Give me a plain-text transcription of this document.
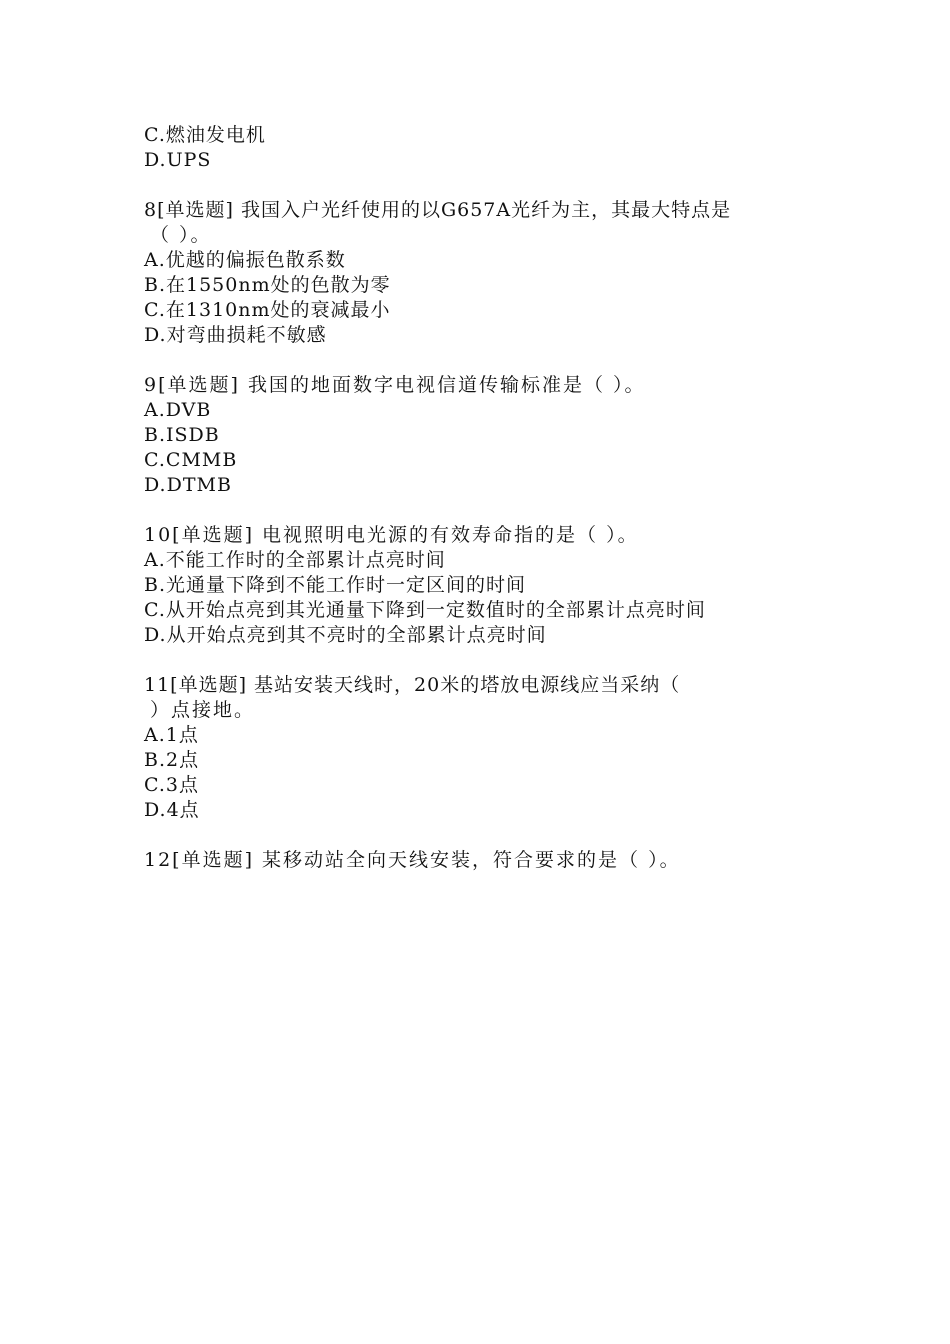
C.燃油发电机
D.UPS
8[单选题] 我国入户光纤使用的以G657A光纤为主，其最大特点是
（ ）。
A.优越的偏振色散系数
B.在1550nm处的色散为零
C.在1310nm处的衰减最小
D.对弯曲损耗不敏感
9[单选题] 我国的地面数字电视信道传输标准是（ ）。
A.DVB
B.ISDB
C.CMMB
D.DTMB
10[单选题] 电视照明电光源的有效寿命指的是（ ）。
A.不能工作时的全部累计点亮时间
B.光通量下降到不能工作时一定区间的时间
C.从开始点亮到其光通量下降到一定数值时的全部累计点亮时间
D.从开始点亮到其不亮时的全部累计点亮时间
11[单选题] 基站安装天线时，20米的塔放电源线应当采纳（
）点接地。
A.1点
B.2点
C.3点
D.4点
12[单选题] 某移动站全向天线安装，符合要求的是（ ）。
